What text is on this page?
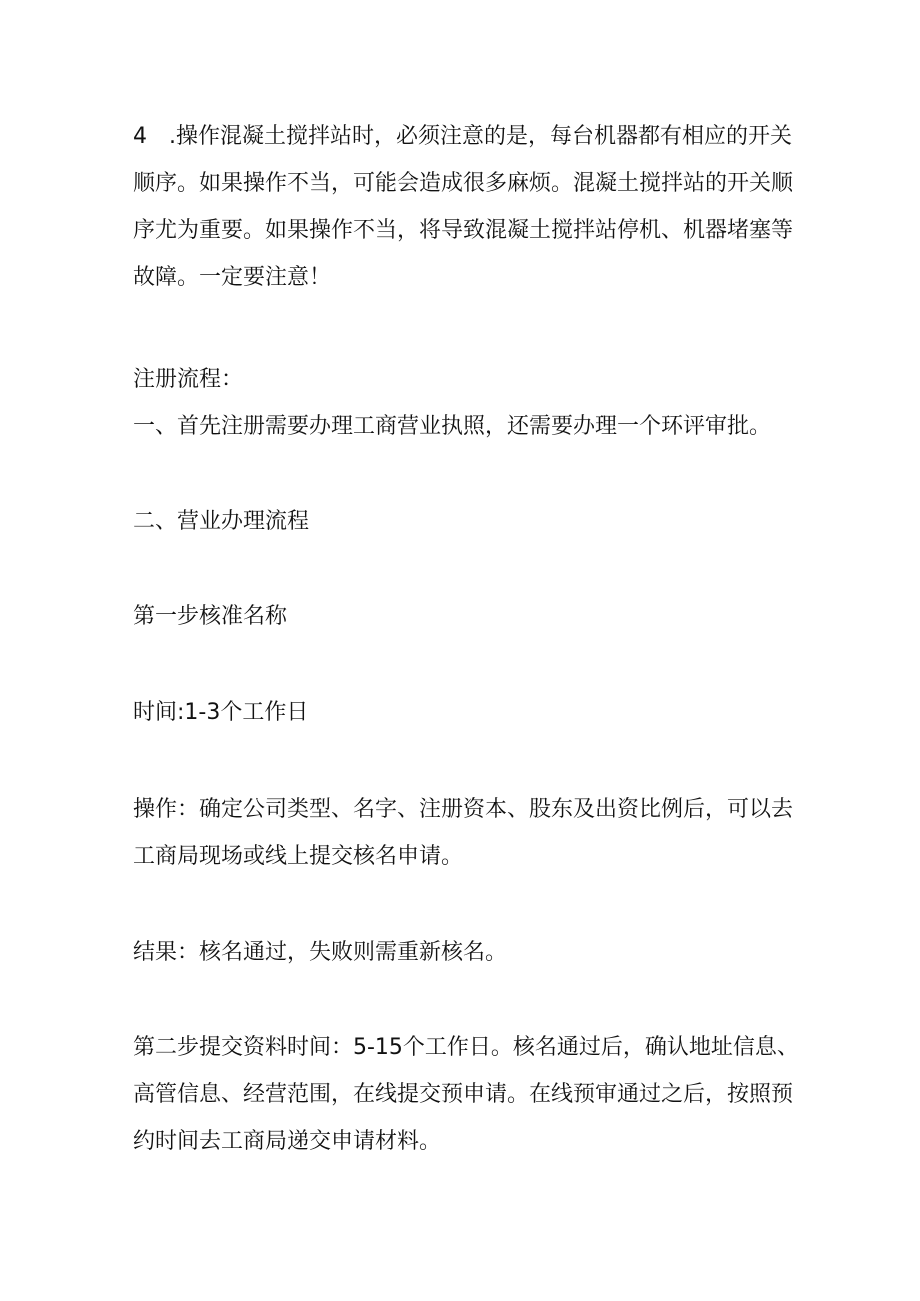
4　.操作混凝土搅拌站时，必须注意的是，每台机器都有相应的开关顺序。如果操作不当，可能会造成很多麻烦。混凝土搅拌站的开关顺序尤为重要。如果操作不当，将导致混凝土搅拌站停机、机器堵塞等故障。一定要注意！

注册流程：

一、首先注册需要办理工商营业执照，还需要办理一个环评审批。

二、营业办理流程

第一步核准名称

时间:1-3个工作日

操作：确定公司类型、名字、注册资本、股东及出资比例后，可以去工商局现场或线上提交核名申请。

结果：核名通过，失败则需重新核名。

第二步提交资料时间：5-15个工作日。核名通过后，确认地址信息、高管信息、经营范围，在线提交预申请。在线预审通过之后，按照预约时间去工商局递交申请材料。
